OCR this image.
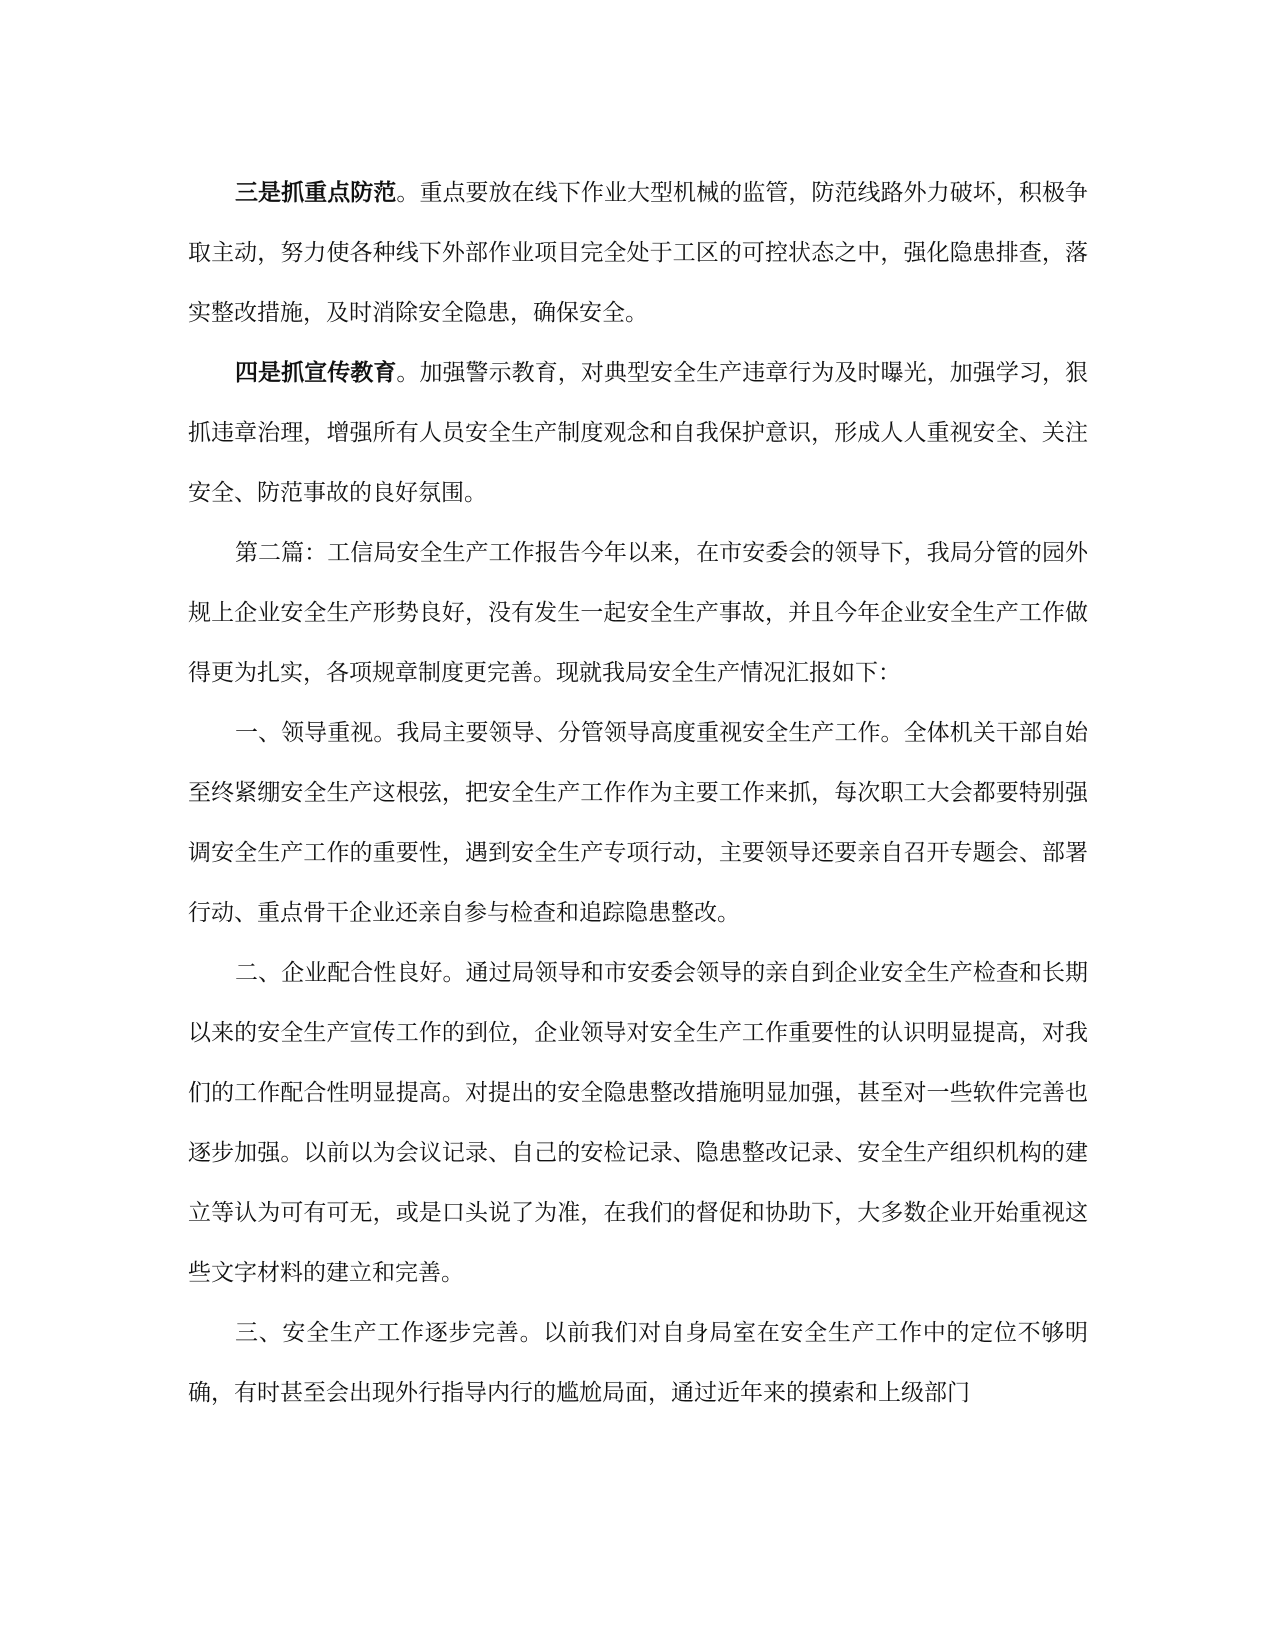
三是抓重点防范。重点要放在线下作业大型机械的监管，防范线路外力破坏，积极争取主动，努力使各种线下外部作业项目完全处于工区的可控状态之中，强化隐患排查，落实整改措施，及时消除安全隐患，确保安全。

四是抓宣传教育。加强警示教育，对典型安全生产违章行为及时曝光，加强学习，狠抓违章治理，增强所有人员安全生产制度观念和自我保护意识，形成人人重视安全、关注安全、防范事故的良好氛围。

第二篇：工信局安全生产工作报告今年以来，在市安委会的领导下，我局分管的园外规上企业安全生产形势良好，没有发生一起安全生产事故，并且今年企业安全生产工作做得更为扎实，各项规章制度更完善。现就我局安全生产情况汇报如下：

一、领导重视。我局主要领导、分管领导高度重视安全生产工作。全体机关干部自始至终紧绷安全生产这根弦，把安全生产工作作为主要工作来抓，每次职工大会都要特别强调安全生产工作的重要性，遇到安全生产专项行动，主要领导还要亲自召开专题会、部署行动、重点骨干企业还亲自参与检查和追踪隐患整改。

二、企业配合性良好。通过局领导和市安委会领导的亲自到企业安全生产检查和长期以来的安全生产宣传工作的到位，企业领导对安全生产工作重要性的认识明显提高，对我们的工作配合性明显提高。对提出的安全隐患整改措施明显加强，甚至对一些软件完善也逐步加强。以前以为会议记录、自己的安检记录、隐患整改记录、安全生产组织机构的建立等认为可有可无，或是口头说了为准，在我们的督促和协助下，大多数企业开始重视这些文字材料的建立和完善。

三、安全生产工作逐步完善。以前我们对自身局室在安全生产工作中的定位不够明确，有时甚至会出现外行指导内行的尴尬局面，通过近年来的摸索和上级部门
